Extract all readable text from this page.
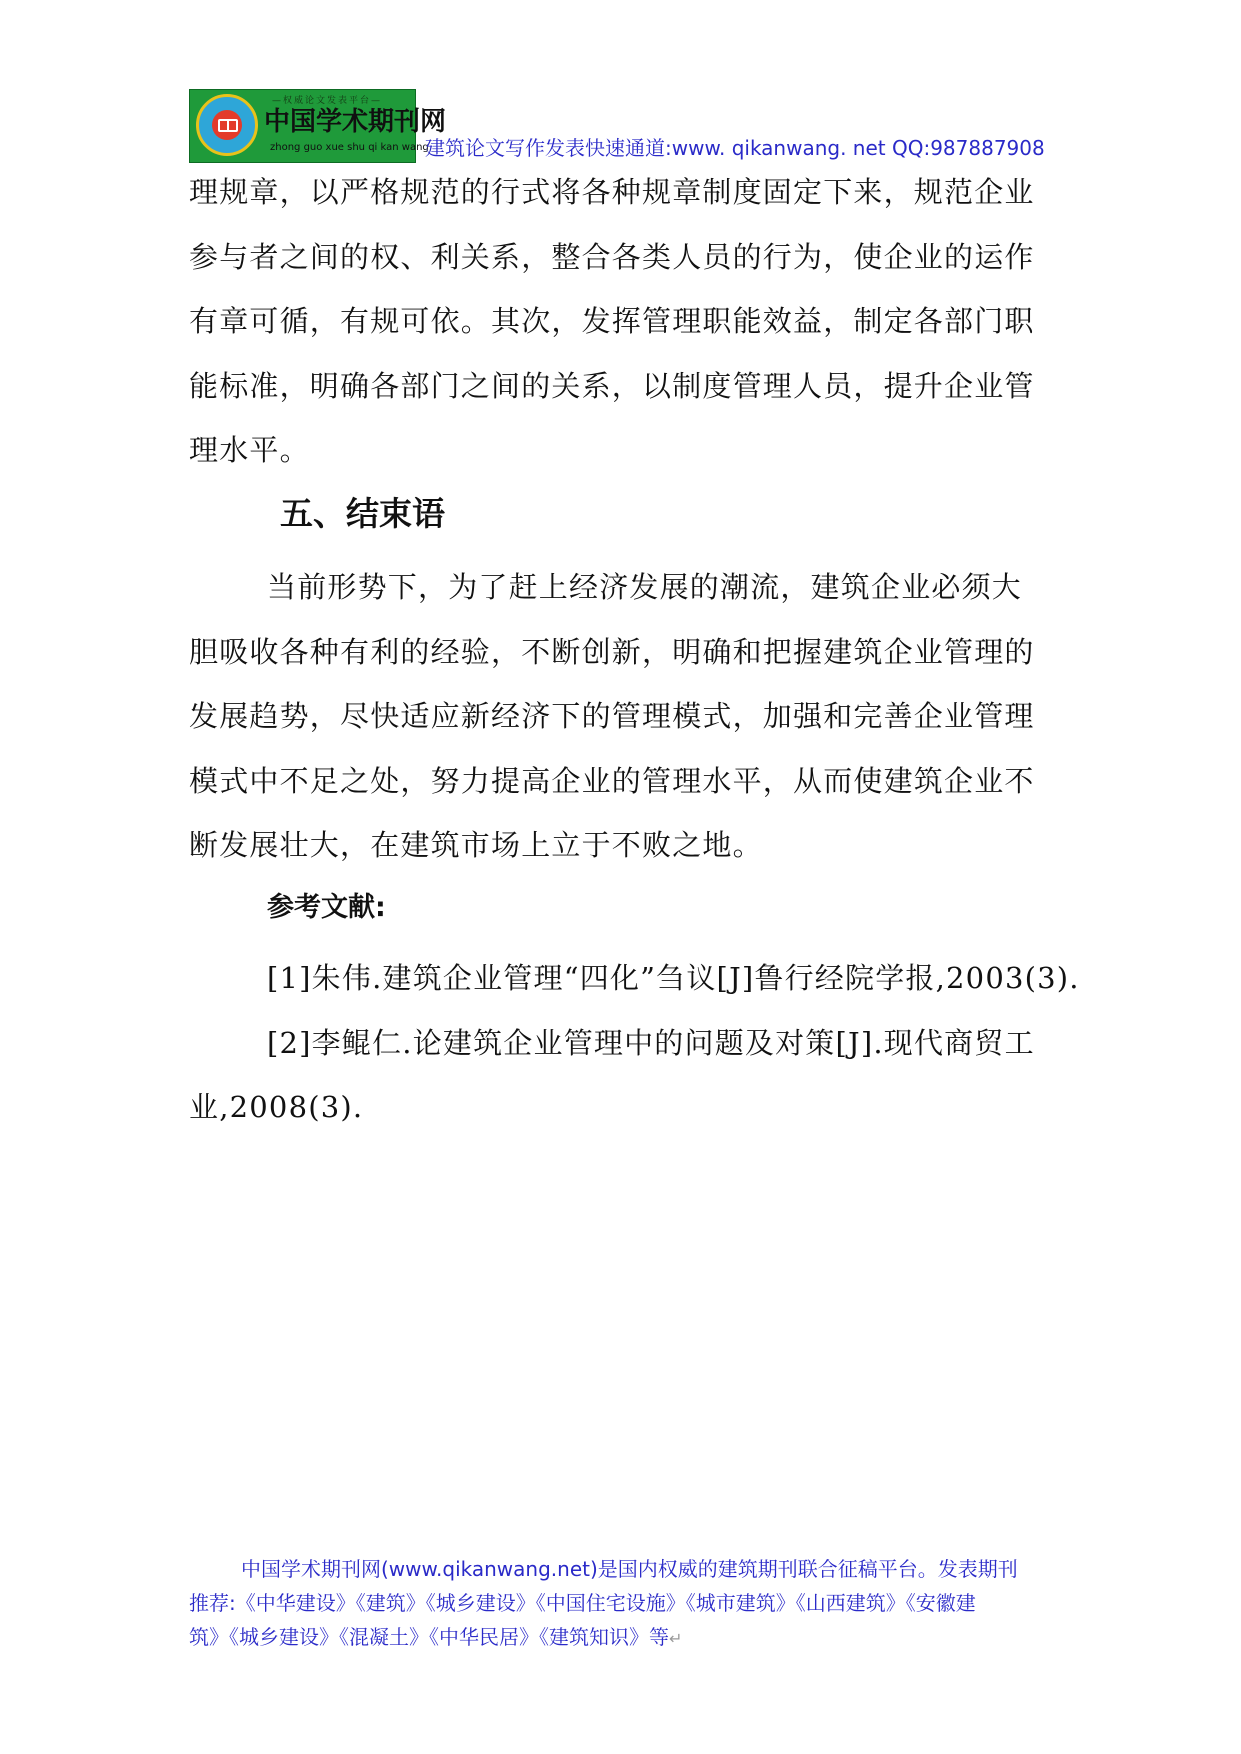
—权威论文发表平台—
中国学术期刊网
zhong guo xue shu qi kan wang
建筑论文写作发表快速通道:www. qikanwang. net QQ:987887908
理规章，以严格规范的行式将各种规章制度固定下来，规范企业
参与者之间的权、利关系，整合各类人员的行为，使企业的运作
有章可循，有规可依。其次，发挥管理职能效益，制定各部门职
能标准，明确各部门之间的关系，以制度管理人员，提升企业管
理水平。
五、结束语
当前形势下，为了赶上经济发展的潮流，建筑企业必须大
胆吸收各种有利的经验，不断创新，明确和把握建筑企业管理的
发展趋势，尽快适应新经济下的管理模式，加强和完善企业管理
模式中不足之处，努力提高企业的管理水平，从而使建筑企业不
断发展壮大，在建筑市场上立于不败之地。
参考文献:
[1]朱伟.建筑企业管理“四化”刍议[J]鲁行经院学报,2003(3).
[2]李鲲仁.论建筑企业管理中的问题及对策[J].现代商贸工
业,2008(3).
中国学术期刊网(www.qikanwang.net)是国内权威的建筑期刊联合征稿平台。发表期刊
推荐:《中华建设》《建筑》《城乡建设》《中国住宅设施》《城市建筑》《山西建筑》《安徽建
筑》《城乡建设》《混凝土》《中华民居》《建筑知识》等↵
